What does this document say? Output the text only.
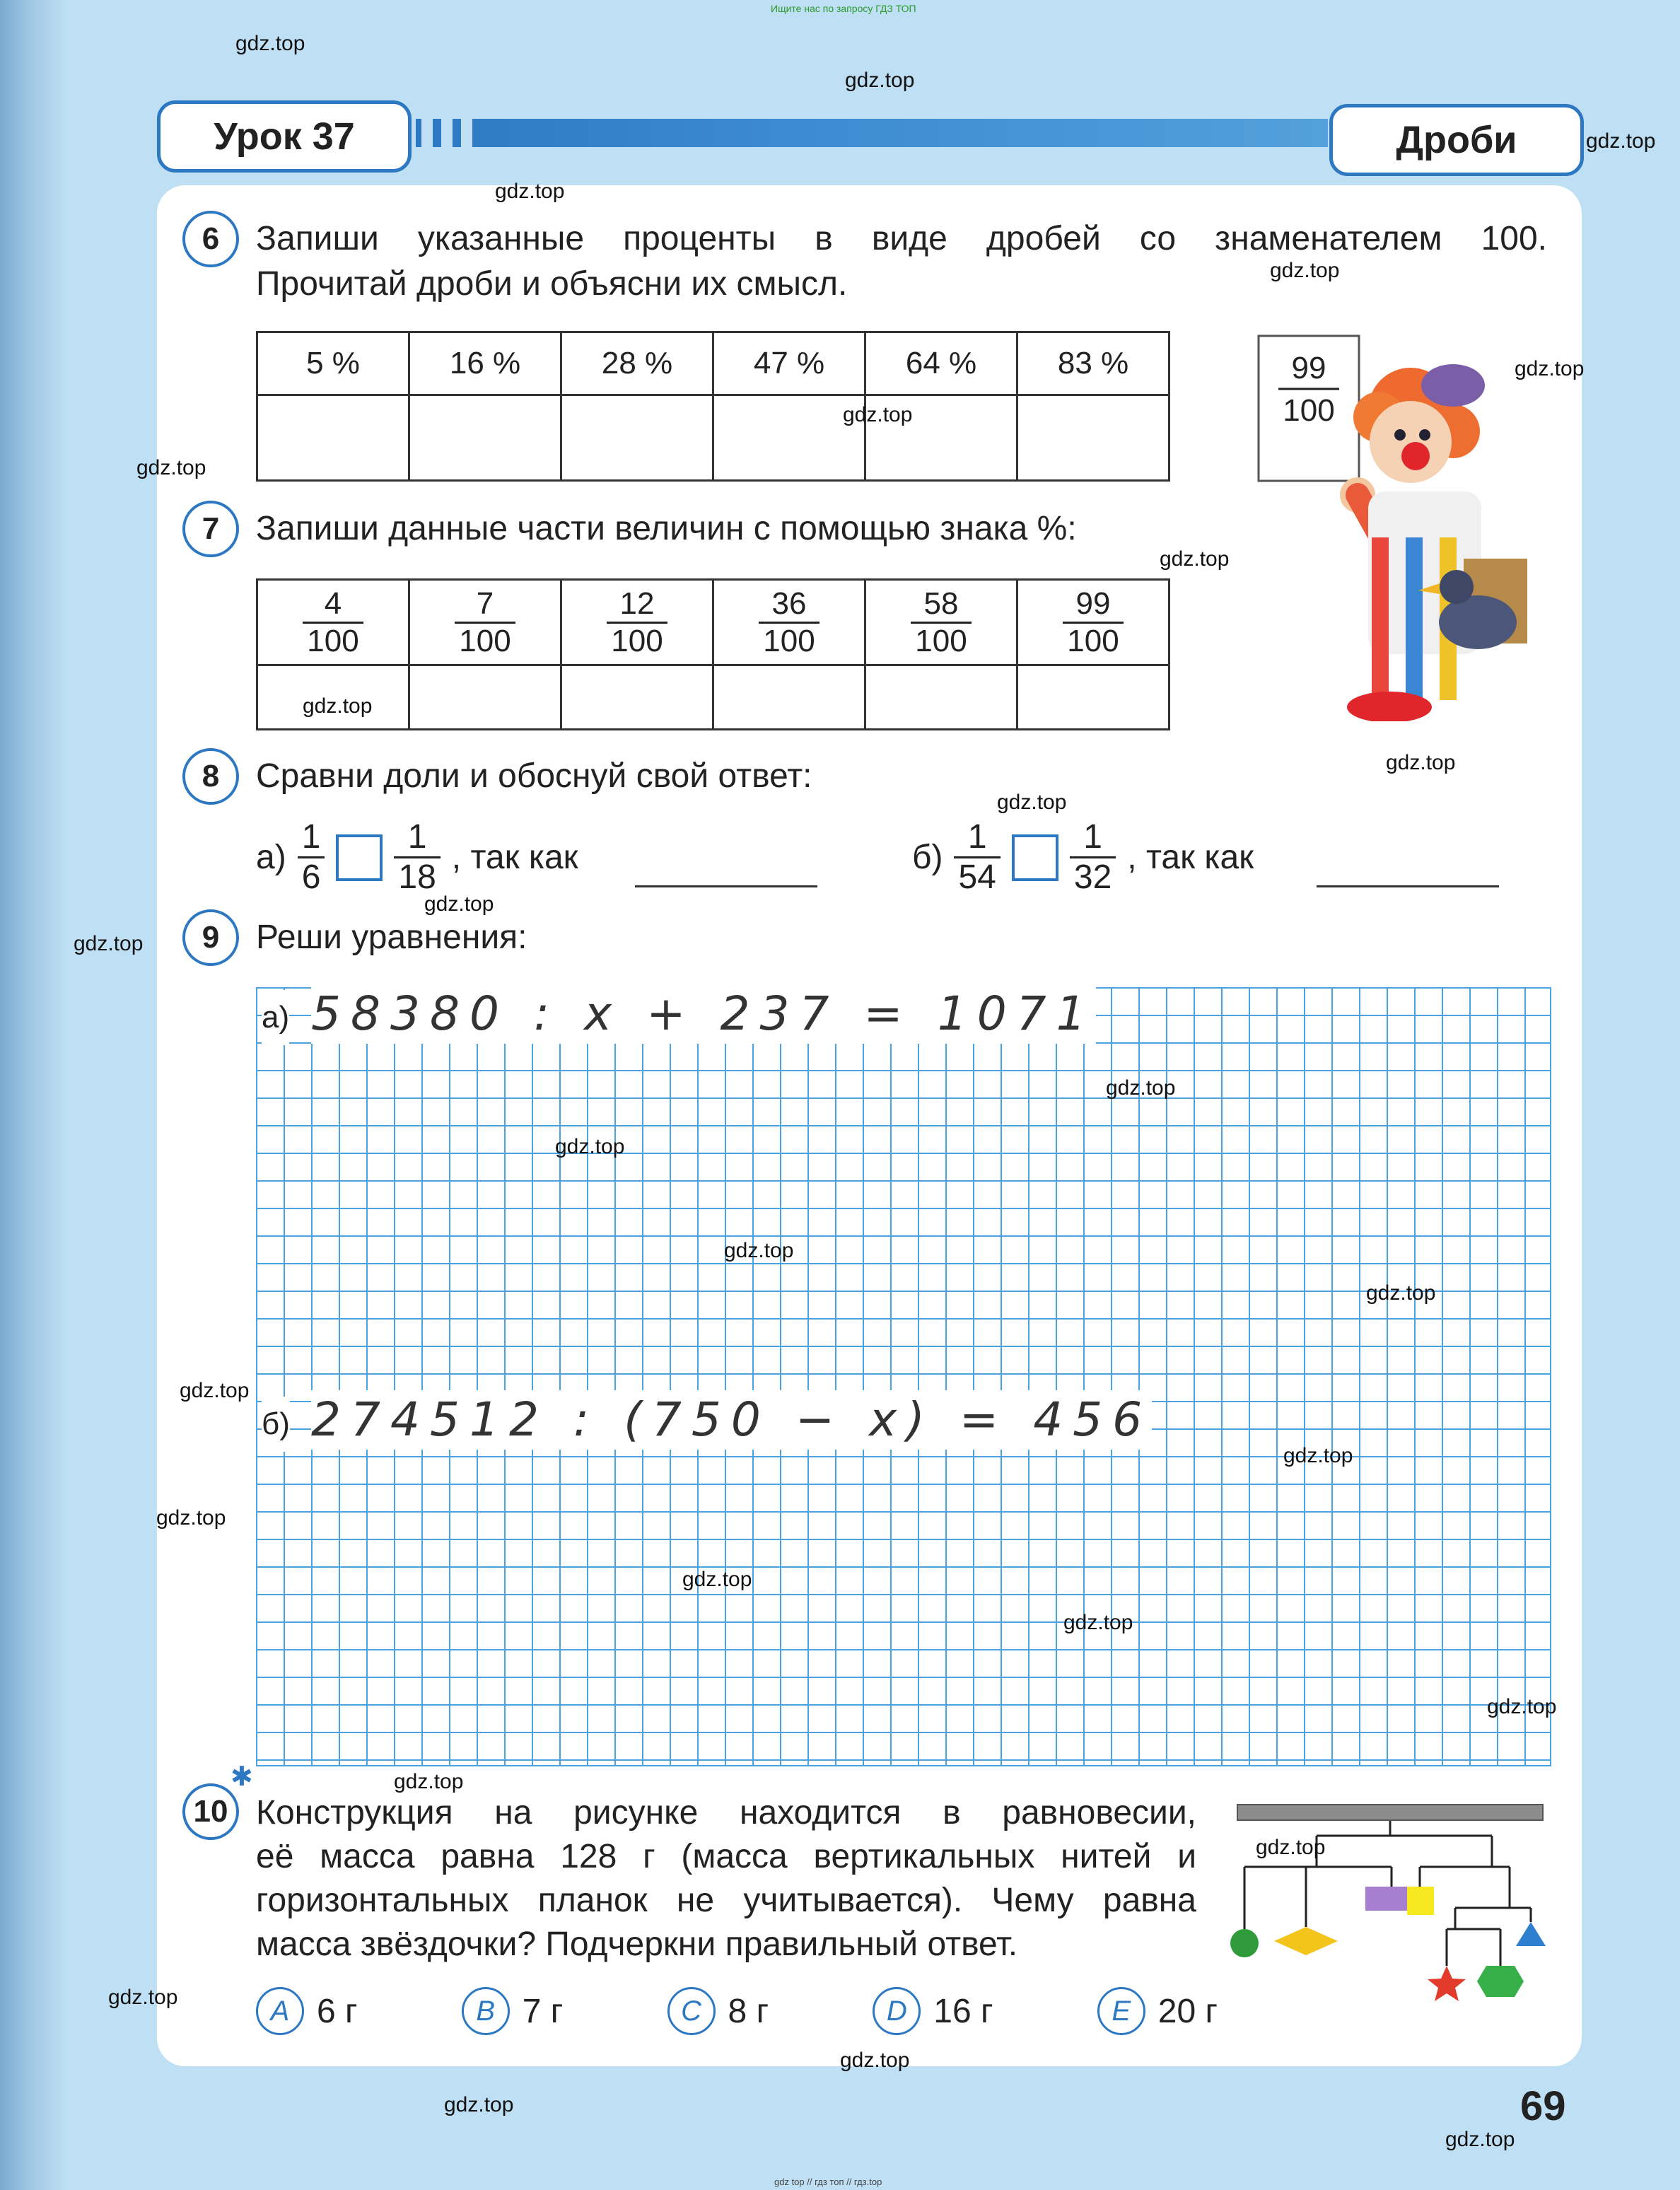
Ищите нас по запросу ГДЗ ТОП
Урок 37	Дроби
6	Запиши указанные проценты в виде дробей со знаменателем 100.
Прочитай дроби и объясни их смысл.
5 %	16 %	28 %	47 %	64 %	83 %
						99
100
7	Запиши данные части величин с помощью знака %:
$\frac{4}{100}$	$\frac{7}{100}$	$\frac{12}{100}$	$\frac{36}{100}$	$\frac{58}{100}$	$\frac{99}{100}$

8	Сравни доли и обоснуй свой ответ:
$а) \frac{1}{6} \frac{1}{18}$ , так как	$б) \frac{1}{54} \frac{1}{32}$ , так как
9	Реши уравнения:
а) 58380 : x + 237 = 1071
б) 274512 : (750 − x) = 456
✱
10 Конструкция на рисунке находится в равновесии,
её масса равна 128 г (масса вертикальных нитей и
горизонтальных планок не учитывается). Чему равна
масса звёздочки? Подчеркни правильный ответ.
A 6 г	B 7 г	C 8 г	D 16 г	E 20 г
69
gdz top // гдз топ // гдз.top
gdz.top
gdz.top
gdz.top
gdz.top
gdz.top
gdz.top
gdz.top
gdz.top
gdz.top
gdz.top
gdz.top
gdz.top
gdz.top
gdz.top
gdz.top
gdz.top
gdz.top
gdz.top
gdz.top
gdz.top
gdz.top
gdz.top
gdz.top
gdz.top
gdz.top
gdz.top
gdz.top
gdz.top
gdz.top
gdz.top
